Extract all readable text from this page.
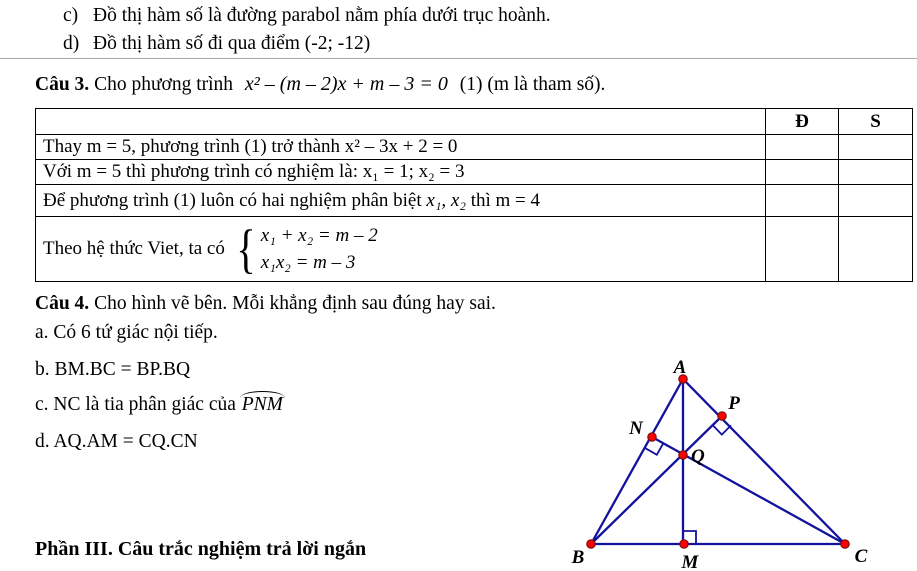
c) Đồ thị hàm số là đường parabol nằm phía dưới trục hoành.
d) Đồ thị hàm số đi qua điểm (-2; -12)
Câu 3. Cho phương trình x² – (m – 2)x + m – 3 = 0 (1) (m là tham số).
	Đ	S
Thay m = 5, phương trình (1) trở thành x² – 3x + 2 = 0		
Với m = 5 thì phương trình có nghiệm là: x₁ = 1; x₂ = 3		
Để phương trình (1) luôn có hai nghiệm phân biệt x₁, x₂ thì m = 4		

Theo hệ thức Viet, ta có { x₁ + x₂ = m – 2
x₁x₂ = m – 3		

Câu 4. Cho hình vẽ bên. Mỗi khẳng định sau đúng hay sai.
a. Có 6 tứ giác nội tiếp.
b. BM.BC = BP.BQ
c. NC là tia phân giác của PNM
d. AQ.AM = CQ.CN
A
B	C
M
N
P
Q
Phần III. Câu trắc nghiệm trả lời ngắn
